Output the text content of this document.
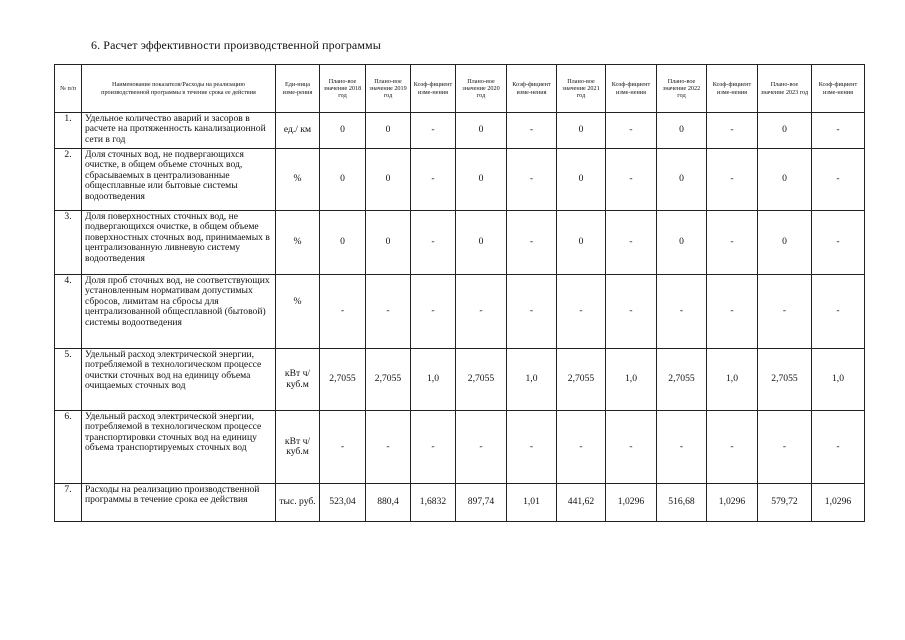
6. Расчет эффективности производственной программы
№ п/п	Наименование показателя/Расходы на реализацию производственной программы в течение срока ее действия	Еди-ница изме-рения	Плано-вое значение 2018 год	Плано-вое значение 2019 год	Коэф-фициент изме-нения	Плано-вое значение 2020 год	Коэф-фициент изме-нения	Плано-вое значение 2021 год	Коэф-фициент изме-нения	Плано-вое значение 2022 год	Коэф-фициент изме-нения	Плано-вое значение 2023 год	Коэф-фициент изме-нения
1.	Удельное количество аварий и засоров в расчете на протяженность канализационной сети в год	ед./ км	0	0	-	0	-	0	-	0	-	0	-
2.	Доля сточных вод, не подвергающихся очистке, в общем объеме сточных вод, сбрасываемых в централизованные общесплавные или бытовые системы водоотведения	%	0	0	-	0	-	0	-	0	-	0	-
3.	Доля поверхностных сточных вод, не подвергающихся очистке, в общем объеме поверхностных сточных вод, принимаемых в централизованную ливневую систему водоотведения	%	0	0	-	0	-	0	-	0	-	0	-
4.	Доля проб сточных вод, не соответствующих установленным нормативам допустимых сбросов, лимитам на сбросы для централизованной общесплавной (бытовой) системы водоотведения	%	-	-	-	-	-	-	-	-	-	-	-
5.	Удельный расход электрической энергии, потребляемой в технологическом процессе очистки сточных вод на единицу объема очищаемых сточных вод	кВт ч/куб.м	2,7055	2,7055	1,0	2,7055	1,0	2,7055	1,0	2,7055	1,0	2,7055	1,0
6.	Удельный расход электрической энергии, потребляемой в технологическом процессе транспортировки сточных вод на единицу объема транспортируемых сточных вод	кВт ч/куб.м	-	-	-	-	-	-	-	-	-	-	-
7.	Расходы на реализацию производственной программы в течение срока ее действия	тыс. руб.	523,04	880,4	1,6832	897,74	1,01	441,62	1,0296	516,68	1,0296	579,72	1,0296
